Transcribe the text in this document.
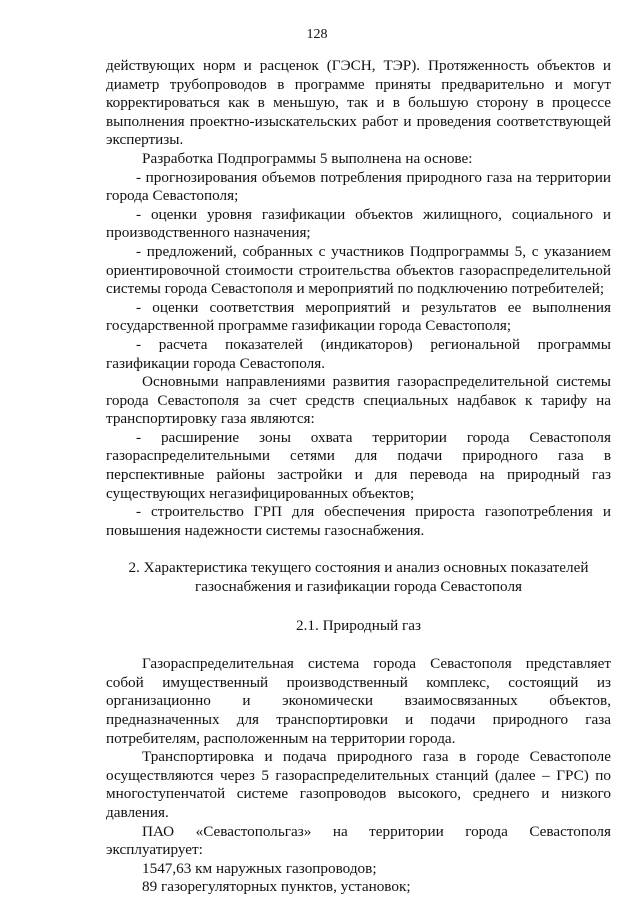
128

действующих норм и расценок (ГЭСН, ТЭР). Протяженность объектов и диаметр трубопроводов в программе приняты предварительно и могут корректироваться как в меньшую, так и в большую сторону в процессе выполнения проектно-изыскательских работ и проведения соответствующей экспертизы.

Разработка Подпрограммы 5 выполнена на основе:

- прогнозирования объемов потребления природного газа на территории города Севастополя;

- оценки уровня газификации объектов жилищного, социального и производственного назначения;

- предложений, собранных с участников Подпрограммы 5, с указанием ориентировочной стоимости строительства объектов газораспределительной системы города Севастополя и мероприятий по подключению потребителей;

- оценки соответствия мероприятий и результатов ее выполнения государственной программе газификации города Севастополя;

- расчета показателей (индикаторов) региональной программы газификации города Севастополя.

Основными направлениями развития газораспределительной системы города Севастополя за счет средств специальных надбавок к тарифу на транспортировку газа являются:

- расширение зоны охвата территории города Севастополя газораспределительными сетями для подачи природного газа в перспективные районы застройки и для перевода на природный газ существующих негазифицированных объектов;

- строительство ГРП для обеспечения прироста газопотребления и повышения надежности системы газоснабжения.

2. Характеристика текущего состояния и анализ основных показателей газоснабжения и газификации города Севастополя

2.1. Природный газ

Газораспределительная система города Севастополя представляет собой имущественный производственный комплекс, состоящий из организационно и экономически взаимосвязанных объектов, предназначенных для транспортировки и подачи природного газа потребителям, расположенным на территории города.

Транспортировка и подача природного газа в городе Севастополе осуществляются через 5 газораспределительных станций (далее – ГРС) по многоступенчатой системе газопроводов высокого, среднего и низкого давления.

ПАО «Севастопольгаз» на территории города Севастополя эксплуатирует:

1547,63 км наружных газопроводов;

89 газорегуляторных пунктов, установок;
